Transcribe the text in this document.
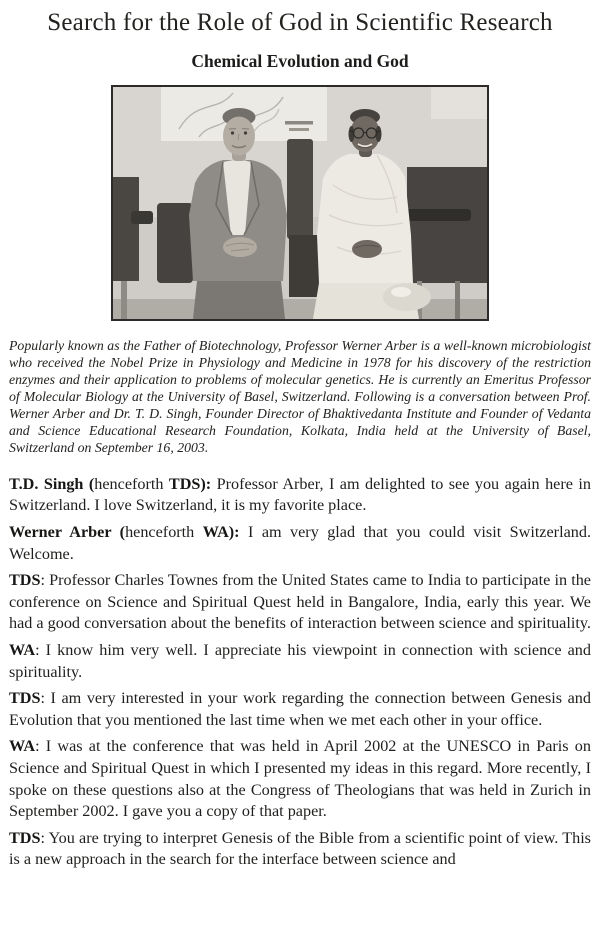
Search for the Role of God in Scientific Research
Chemical Evolution and God

Popularly known as the Father of Biotechnology, Professor Werner Arber is a well-known microbiologist who received the Nobel Prize in Physiology and Medicine in 1978 for his discovery of the restriction enzymes and their application to problems of molecular genetics. He is currently an Emeritus Professor of Molecular Biology at the University of Basel, Switzerland. Following is a conversation between Prof. Werner Arber and Dr. T. D. Singh, Founder Director of Bhaktivedanta Institute and Founder of Vedanta and Science Educational Research Foundation, Kolkata, India held at the University of Basel, Switzerland on September 16, 2003.

T.D. Singh (henceforth TDS): Professor Arber, I am delighted to see you again here in Switzerland. I love Switzerland, it is my favorite place.

Werner Arber (henceforth WA): I am very glad that you could visit Switzerland. Welcome.

TDS: Professor Charles Townes from the United States came to India to participate in the conference on Science and Spiritual Quest held in Bangalore, India, early this year. We had a good conversation about the benefits of interaction between science and spirituality.

WA: I know him very well. I appreciate his viewpoint in connection with science and spirituality.

TDS: I am very interested in your work regarding the connection between Genesis and Evolution that you mentioned the last time when we met each other in your office.

WA: I was at the conference that was held in April 2002 at the UNESCO in Paris on Science and Spiritual Quest in which I presented my ideas in this regard. More recently, I spoke on these questions also at the Congress of Theologians that was held in Zurich in September 2002. I gave you a copy of that paper.

TDS: You are trying to interpret Genesis of the Bible from a scientific point of view. This is a new approach in the search for the interface between science and
